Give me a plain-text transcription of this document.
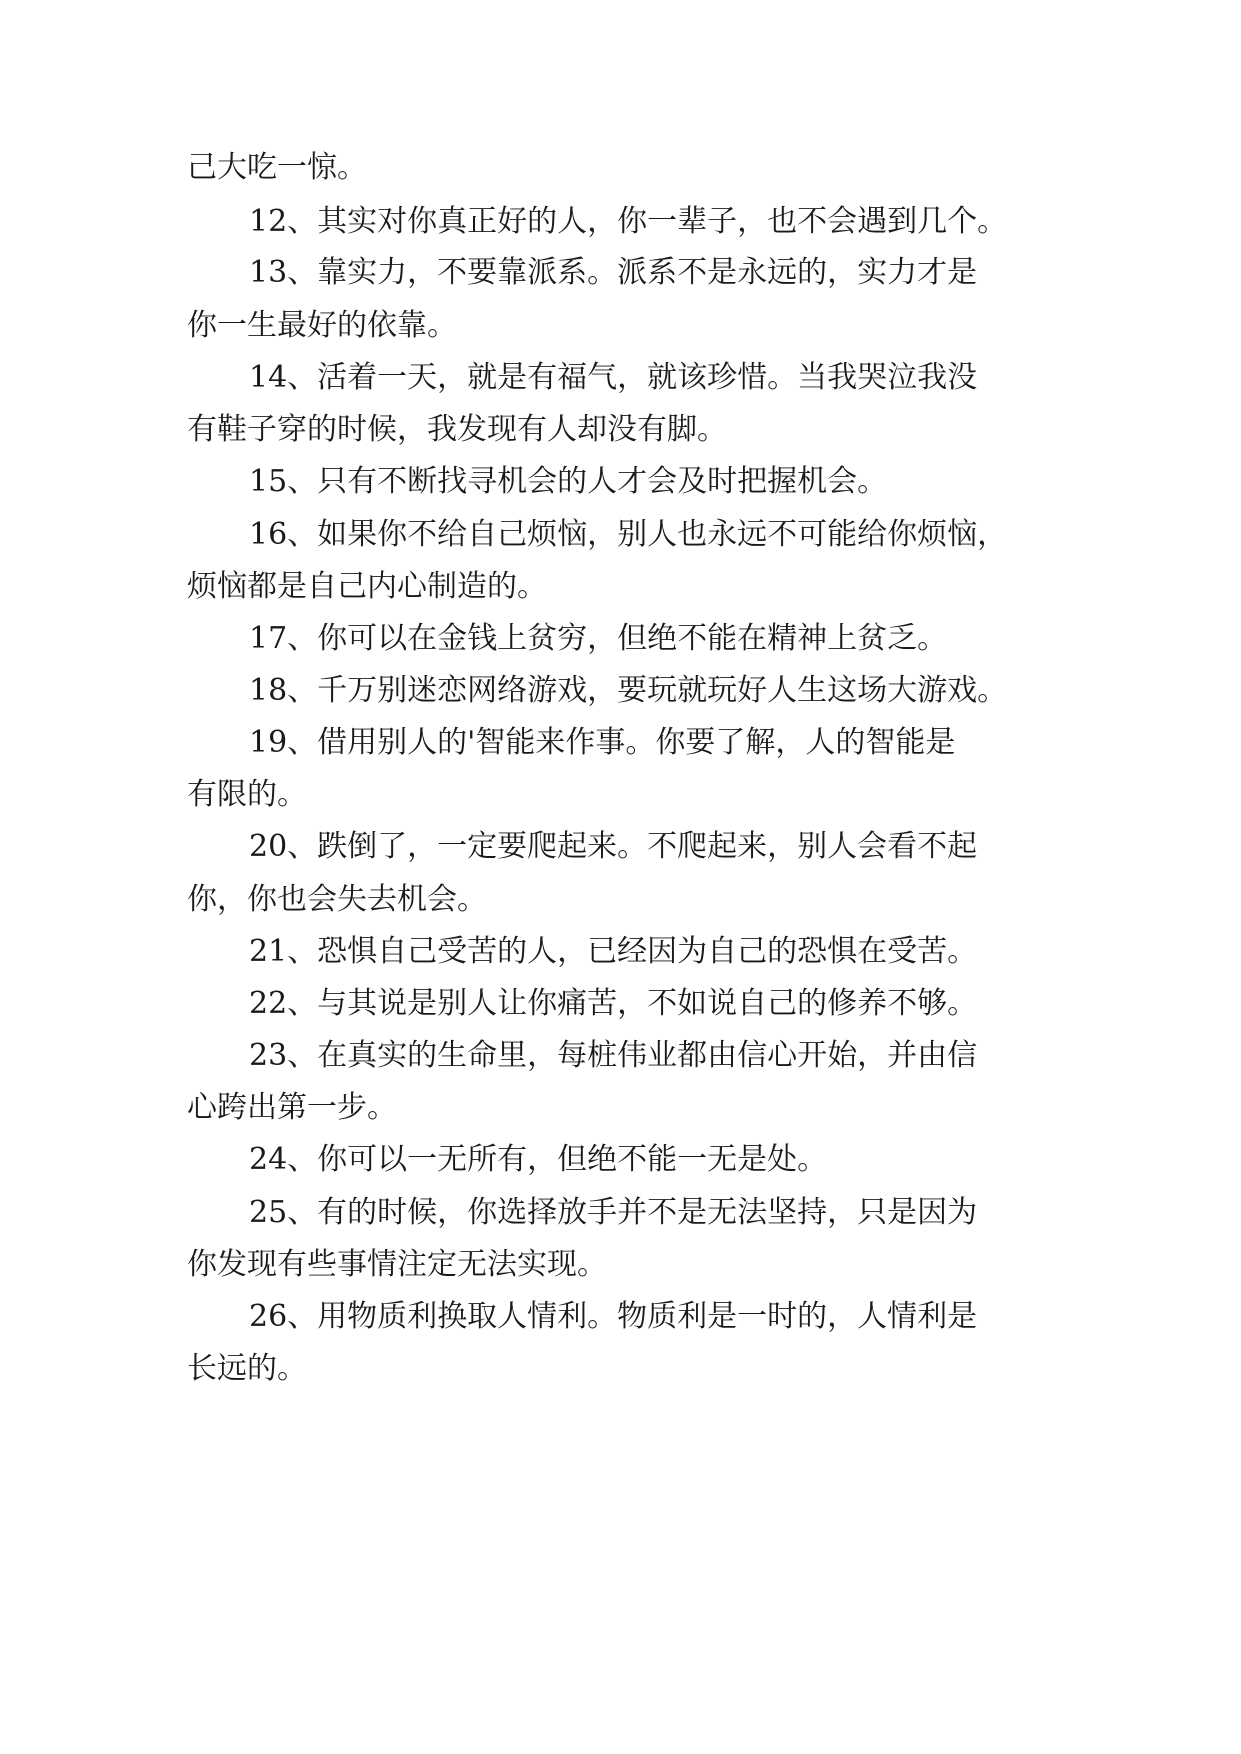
己大吃一惊。
12、其实对你真正好的人，你一辈子，也不会遇到几个。
13、靠实力，不要靠派系。派系不是永远的，实力才是
你一生最好的依靠。
14、活着一天，就是有福气，就该珍惜。当我哭泣我没
有鞋子穿的时候，我发现有人却没有脚。
15、只有不断找寻机会的人才会及时把握机会。
16、如果你不给自己烦恼，别人也永远不可能给你烦恼，
烦恼都是自己内心制造的。
17、你可以在金钱上贫穷，但绝不能在精神上贫乏。
18、千万别迷恋网络游戏，要玩就玩好人生这场大游戏。
19、借用别人的'智能来作事。你要了解，人的智能是
有限的。
20、跌倒了，一定要爬起来。不爬起来，别人会看不起
你，你也会失去机会。
21、恐惧自己受苦的人，已经因为自己的恐惧在受苦。
22、与其说是别人让你痛苦，不如说自己的修养不够。
23、在真实的生命里，每桩伟业都由信心开始，并由信
心跨出第一步。
24、你可以一无所有，但绝不能一无是处。
25、有的时候，你选择放手并不是无法坚持，只是因为
你发现有些事情注定无法实现。
26、用物质利换取人情利。物质利是一时的，人情利是
长远的。
